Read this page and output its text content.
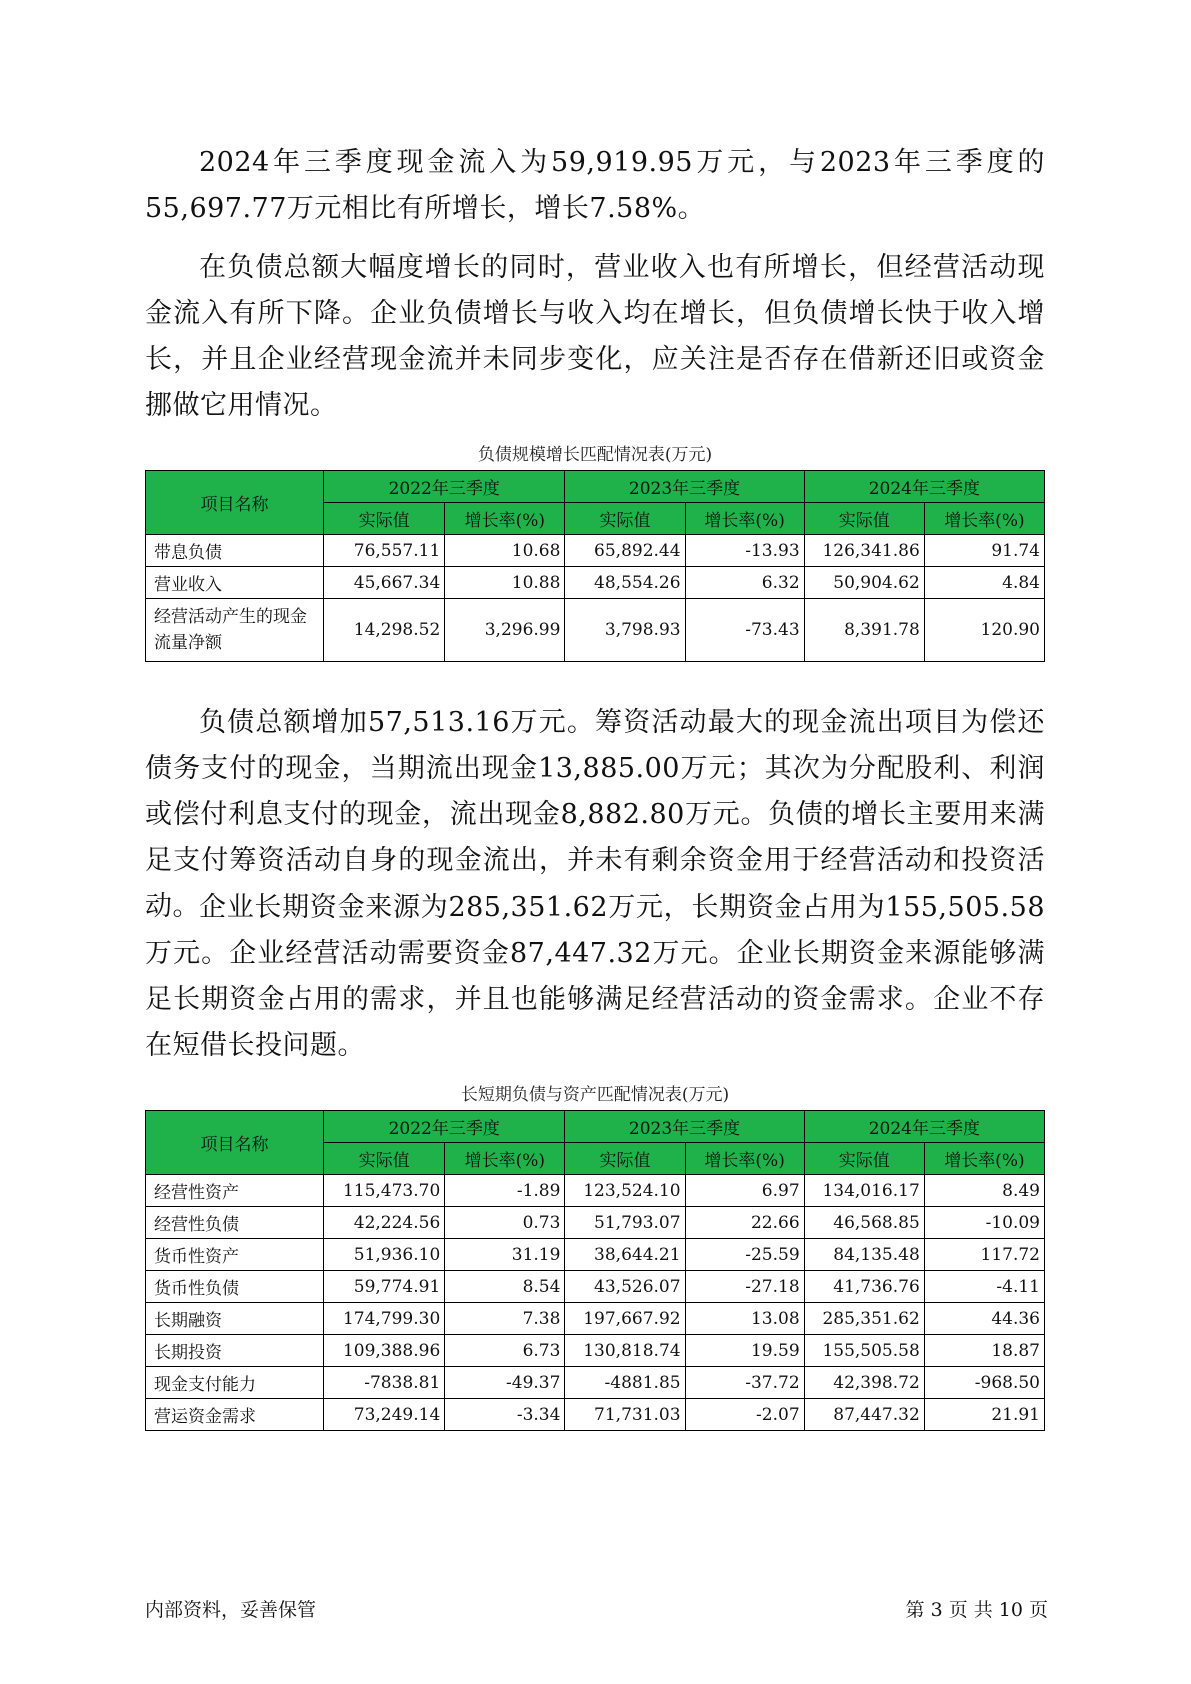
2024年三季度现金流入为59,919.95万元，与2023年三季度的55,697.77万元相比有所增长，增长7.58%。

在负债总额大幅度增长的同时，营业收入也有所增长，但经营活动现金流入有所下降。企业负债增长与收入均在增长，但负债增长快于收入增长，并且企业经营现金流并未同步变化，应关注是否存在借新还旧或资金挪做它用情况。

负债规模增长匹配情况表(万元)

项目名称	2022年三季度		2023年三季度		2024年三季度	
	实际值	增长率(%)	实际值	增长率(%)	实际值	增长率(%)
带息负债	76,557.11	10.68	65,892.44	-13.93	126,341.86	91.74
营业收入	45,667.34	10.88	48,554.26	6.32	50,904.62	4.84
经营活动产生的现金流量净额	14,298.52	3,296.99	3,798.93	-73.43	8,391.78	120.90

负债总额增加57,513.16万元。筹资活动最大的现金流出项目为偿还债务支付的现金，当期流出现金13,885.00万元；其次为分配股利、利润或偿付利息支付的现金，流出现金8,882.80万元。负债的增长主要用来满足支付筹资活动自身的现金流出，并未有剩余资金用于经营活动和投资活动。 企业长期资金来源为285,351.62万元，长期资金占用为155,505.58万元。企业经营活动需要资金87,447.32万元。企业长期资金来源能够满足长期资金占用的需求，并且也能够满足经营活动的资金需求。企业不存在短借长投问题。

长短期负债与资产匹配情况表(万元)

项目名称	2022年三季度		2023年三季度		2024年三季度	
	实际值	增长率(%)	实际值	增长率(%)	实际值	增长率(%)
经营性资产	115,473.70	-1.89	123,524.10	6.97	134,016.17	8.49
经营性负债	42,224.56	0.73	51,793.07	22.66	46,568.85	-10.09
货币性资产	51,936.10	31.19	38,644.21	-25.59	84,135.48	117.72
货币性负债	59,774.91	8.54	43,526.07	-27.18	41,736.76	-4.11
长期融资	174,799.30	7.38	197,667.92	13.08	285,351.62	44.36
长期投资	109,388.96	6.73	130,818.74	19.59	155,505.58	18.87
现金支付能力	-7838.81	-49.37	-4881.85	-37.72	42,398.72	-968.50
营运资金需求	73,249.14	-3.34	71,731.03	-2.07	87,447.32	21.91
内部资料，妥善保管	第 3 页 共 10 页
